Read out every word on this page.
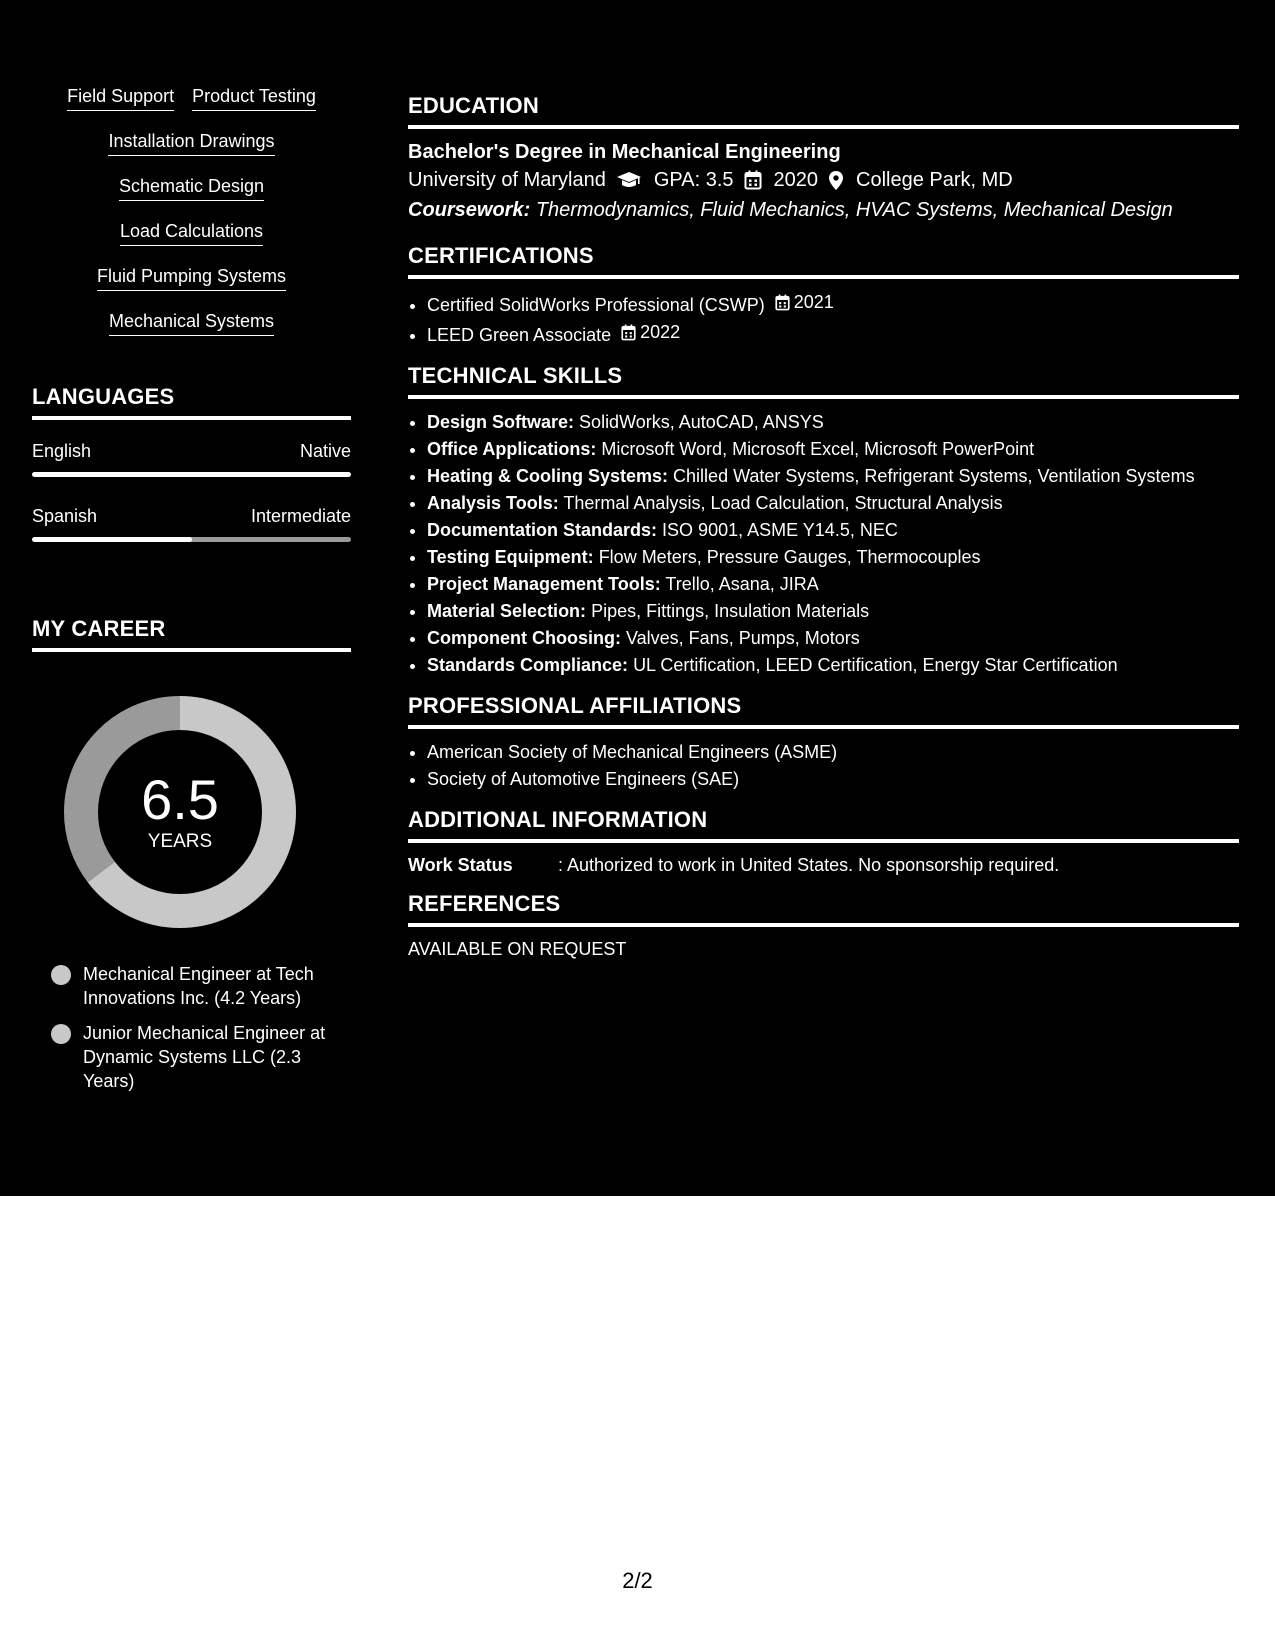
Field Support Product Testing
Installation Drawings
Schematic Design
Load Calculations
Fluid Pumping Systems
Mechanical Systems
LANGUAGES
English	Native
Spanish	Intermediate
MY CAREER
6.5
YEARS
Mechanical Engineer at Tech Innovations Inc. (4.2 Years)
Junior Mechanical Engineer at Dynamic Systems LLC (2.3 Years)
EDUCATION
Bachelor's Degree in Mechanical Engineering
University of Maryland GPA: 3.5 2020 College Park, MD
Coursework: Thermodynamics, Fluid Mechanics, HVAC Systems, Mechanical Design
CERTIFICATIONS
• Certified SolidWorks Professional (CSWP) 2021
• LEED Green Associate 2022
TECHNICAL SKILLS
• Design Software: SolidWorks, AutoCAD, ANSYS
• Office Applications: Microsoft Word, Microsoft Excel, Microsoft PowerPoint
• Heating & Cooling Systems: Chilled Water Systems, Refrigerant Systems, Ventilation Systems
• Analysis Tools: Thermal Analysis, Load Calculation, Structural Analysis
• Documentation Standards: ISO 9001, ASME Y14.5, NEC
• Testing Equipment: Flow Meters, Pressure Gauges, Thermocouples
• Project Management Tools: Trello, Asana, JIRA
• Material Selection: Pipes, Fittings, Insulation Materials
• Component Choosing: Valves, Fans, Pumps, Motors
• Standards Compliance: UL Certification, LEED Certification, Energy Star Certification
PROFESSIONAL AFFILIATIONS
• American Society of Mechanical Engineers (ASME)
• Society of Automotive Engineers (SAE)
ADDITIONAL INFORMATION
Work Status	: Authorized to work in United States. No sponsorship required.
REFERENCES
AVAILABLE ON REQUEST
2/2
